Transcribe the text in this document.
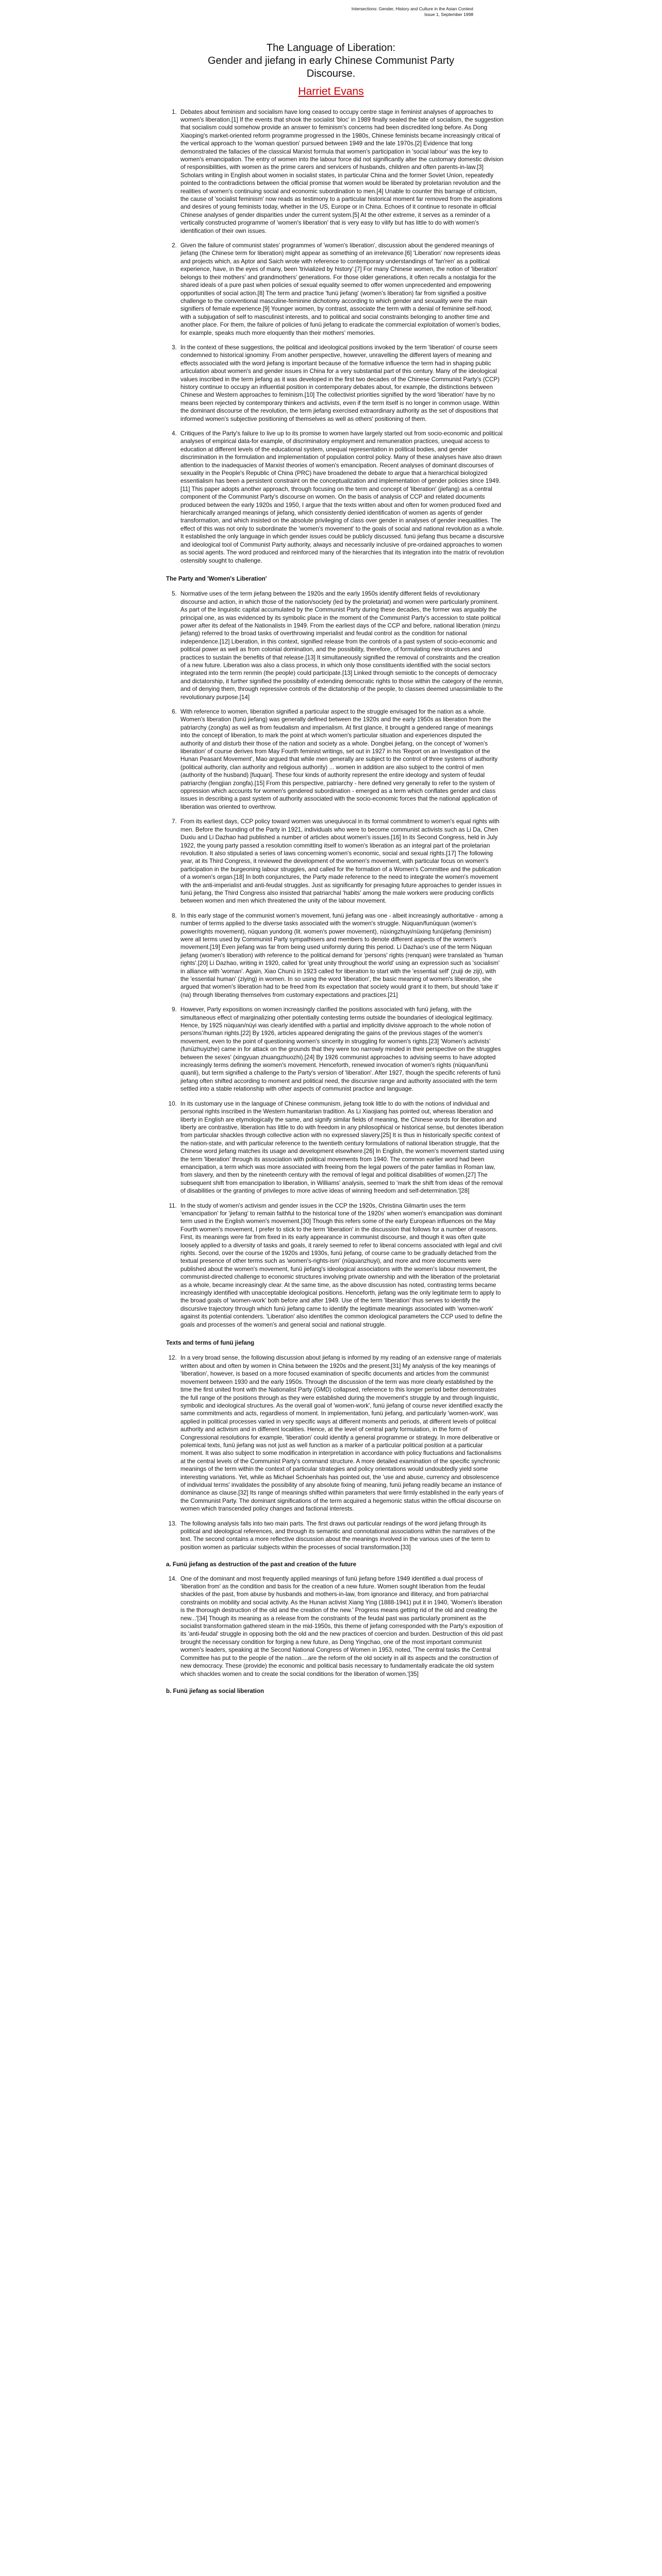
Intersections: Gender, History and Culture in the Asian Context
Issue 1, September 1998
The Language of Liberation:
Gender and jiefang in early Chinese Communist Party
Discourse.
Harriet Evans
1. Debates about feminism and socialism have long ceased to occupy centre stage in feminist analyses of approaches to women's liberation.[1] If the events that shook the socialist 'bloc' in 1989 finally sealed the fate of socialism, the suggestion that socialism could somehow provide an answer to feminism's concerns had been discredited long before. As Dong Xiaoping's market-oriented reform programme progressed in the 1980s, Chinese feminists became increasingly critical of the vertical approach to the 'woman question' pursued between 1949 and the late 1970s.[2] Evidence that long demonstrated the fallacies of the classical Marxist formula that women's participation in 'social labour' was the key to women's emancipation. The entry of women into the labour force did not significantly alter the customary domestic division of responsibilities, with women as the prime carers and servicers of husbands, children and often parents-in-law.[3] Scholars writing in English about women in socialist states, in particular China and the former Soviet Union, repeatedly pointed to the contradictions between the official promise that women would be liberated by proletarian revolution and the realities of women's continuing social and economic subordination to men.[4] Unable to counter this barrage of criticism, the cause of 'socialist feminism' now reads as testimony to a particular historical moment far removed from the aspirations and desires of young feminists today, whether in the US, Europe or in China. Echoes of it continue to resonate in official Chinese analyses of gender disparities under the current system.[5] At the other extreme, it serves as a reminder of a vertically constructed programme of 'women's liberation' that is very easy to vilify but has little to do with women's identification of their own issues.
2. Given the failure of communist states' programmes of 'women's liberation', discussion about the gendered meanings of jiefang (the Chinese term for liberation) might appear as something of an irrelevance.[6] 'Liberation' now represents ideas and projects which, as Aptor and Saich wrote with reference to contemporary understandings of 'fan'ren' as a political experience, have, in the eyes of many, been 'trivialized by history'.[7] For many Chinese women, the notion of 'liberation' belongs to their mothers' and grandmothers' generations. For those older generations, it often recalls a nostalgia for the shared ideals of a pure past when policies of sexual equality seemed to offer women unprecedented and empowering opportunities of social action.[8] The term and practice 'funü jiefang' (women's liberation) far from signified a positive challenge to the conventional masculine-feminine dichotomy according to which gender and sexuality were the main signifiers of female experience.[9] Younger women, by contrast, associate the term with a denial of feminine self-hood, with a subjugation of self to masculinist interests, and to political and social constraints belonging to another time and another place. For them, the failure of policies of funü jiefang to eradicate the commercial exploitation of women's bodies, for example, speaks much more eloquently than their mothers' memories.
3. In the context of these suggestions, the political and ideological positions invoked by the term 'liberation' of course seem condemned to historical ignominy. From another perspective, however, unravelling the different layers of meaning and effects associated with the word jiefang is important because of the formative influence the term had in shaping public articulation about women's and gender issues in China for a very substantial part of this century. Many of the ideological values inscribed in the term jiefang as it was developed in the first two decades of the Chinese Communist Party's (CCP) history continue to occupy an influential position in contemporary debates about, for example, the distinctions between Chinese and Western approaches to feminism.[10] The collectivist priorities signified by the word 'liberation' have by no means been rejected by contemporary thinkers and activists, even if the term itself is no longer in common usage. Within the dominant discourse of the revolution, the term jiefang exercised extraordinary authority as the set of dispositions that informed women's subjective positioning of themselves as well as others' positioning of them.
4. Critiques of the Party's failure to live up to its promise to women have largely started out from socio-economic and political analyses of empirical data-for example, of discriminatory employment and remuneration practices, unequal access to education at different levels of the educational system, unequal representation in political bodies, and gender discrimination in the formulation and implementation of population control policy. Many of these analyses have also drawn attention to the inadequacies of Marxist theories of women's emancipation. Recent analyses of dominant discourses of sexuality in the People's Republic of China (PRC) have broadened the debate to argue that a hierarchical biologized essentialism has been a persistent constraint on the conceptualization and implementation of gender policies since 1949.[11] This paper adopts another approach, through focusing on the term and concept of 'liberation' (jiefang) as a central component of the Communist Party's discourse on women. On the basis of analysis of CCP and related documents produced between the early 1920s and 1950, I argue that the texts written about and often for women produced fixed and hierarchically arranged meanings of jiefang, which consistently denied identification of women as agents of gender transformation, and which insisted on the absolute privileging of class over gender in analyses of gender inequalities. The effect of this was not only to subordinate the 'women's movement' to the goals of social and national revolution as a whole. It established the only language in which gender issues could be publicly discussed. funü jiefang thus became a discursive and ideological tool of Communist Party authority, always and necessarily inclusive of pre-ordained approaches to women as social agents. The word produced and reinforced many of the hierarchies that its integration into the matrix of revolution ostensibly sought to challenge.
The Party and 'Women's Liberation'
5. Normative uses of the term jiefang between the 1920s and the early 1950s identify different fields of revolutionary discourse and action, in which those of the nation/society (led by the proletariat) and women were particularly prominent. As part of the linguistic capital accumulated by the Communist Party during these decades, the former was arguably the principal one, as was evidenced by its symbolic place in the moment of the Communist Party's accession to state political power after its defeat of the Nationalists in 1949. From the earliest days of the CCP and before, national liberation (minzu jiefang) referred to the broad tasks of overthrowing imperialist and feudal control as the condition for national independence.[12] Liberation, in this context, signified release from the controls of a past system of socio-economic and political power as well as from colonial domination, and the possibility, therefore, of formulating new structures and practices to sustain the benefits of that release.[13] It simultaneously signified the removal of constraints and the creation of a new future. Liberation was also a class process, in which only those constituents identified with the social sectors integrated into the term renmin (the people) could participate.[13] Linked through semiotic to the concepts of democracy and dictatorship, it further signified the possibility of extending democratic rights to those within the category of the renmin, and of denying them, through repressive controls of the dictatorship of the people, to classes deemed unassimilable to the revolutionary purpose.[14]
6. With reference to women, liberation signified a particular aspect to the struggle envisaged for the nation as a whole. Women's liberation (funü jiefang) was generally defined between the 1920s and the early 1950s as liberation from the patriarchy (zongfa) as well as from feudalism and imperialism. At first glance, it brought a gendered range of meanings into the concept of liberation, to mark the point at which women's particular situation and experiences disputed the authority of and disturb their those of the nation and society as a whole. Dongbei jiefang, on the concept of 'women's liberation' of course derives from May Fourth feminist writings, set out in 1927 in his 'Report on an Investigation of the Hunan Peasant Movement', Mao argued that while men generally are subject to the control of three systems of authority (political authority, clan authority and religious authority) ... women in addition are also subject to the control of men (authority of the husband) [fuquan]. These four kinds of authority represent the entire ideology and system of feudal patriarchy (fengjian zongfa).[15] From this perspective, patriarchy - here defined very generally to refer to the system of oppression which accounts for women's gendered subordination - emerged as a term which conflates gender and class issues in describing a past system of authority associated with the socio-economic forces that the national application of liberation was oriented to overthrow.
7. From its earliest days, CCP policy toward women was unequivocal in its formal commitment to women's equal rights with men. Before the founding of the Party in 1921, individuals who were to become communist activists such as Li Da, Chen Duxiu and Li Dazhao had published a number of articles about women's issues.[16] In its Second Congress, held in July 1922, the young party passed a resolution committing itself to women's liberation as an integral part of the proletarian revolution. It also stipulated a series of laws concerning women's economic, social and sexual rights.[17] The following year, at its Third Congress, it reviewed the development of the women's movement, with particular focus on women's participation in the burgeoning labour struggles, and called for the formation of a Women's Committee and the publication of a women's organ.[18] In both conjunctures, the Party made reference to the need to integrate the women's movement with the anti-imperialist and anti-feudal struggles. Just as significantly for presaging future approaches to gender issues in funü jiefang, the Third Congress also insisted that patriarchal 'habits' among the male workers were producing conflicts between women and men which threatened the unity of the labour movement.
8. In this early stage of the communist women's movement, funü jiefang was one - albeit increasingly authoritative - among a number of terms applied to the diverse tasks associated with the women's struggle. Nüquan/funüquan (women's power/rights movement), nüquan yundong (lit. women's power movement), nüxingzhuyi/nüxing funüjiefang (feminism) were all terms used by Communist Party sympathisers and members to denote different aspects of the women's movement.[19] Even jiefang was far from being used uniformly during this period. Li Dazhao's use of the term Nüquan jiefang (women's liberation) with reference to the political demand for 'persons' rights (renquan) were translated as 'human rights'.[20] Li Dazhao, writing in 1920, called for 'great unity throughout the world' using an expression such as 'socialism' in alliance with 'woman'. Again, Xiao Chunü in 1923 called for liberation to start with the 'essential self' (zuiji de ziji), with the 'essential human' (ziying) in women. In so using the word 'liberation', the basic meaning of women's liberation, she argued that women's liberation had to be freed from its expectation that society would grant it to them, but should 'take it' (na) through liberating themselves from customary expectations and practices.[21]
9. However, Party expositions on women increasingly clarified the positions associated with funü jiefang, with the simultaneous effect of marginalizing other potentially contesting terms outside the boundaries of ideological legitimacy. Hence, by 1925 nüquan/nüyi was clearly identified with a partial and implicitly divisive approach to the whole notion of persons'/human rights.[22] By 1926, articles appeared denigrating the gains of the previous stages of the women's movement, even to the point of questioning women's sincerity in struggling for women's rights.[23] 'Women's activists' (funüzhuyizhe) came in for attack on the grounds that they were too narrowly minded in their perspective on the struggles between the sexes' (xingyuan zhuangzhuozhi).[24] By 1926 communist approaches to advising seems to have adopted increasingly terms defining the women's movement. Henceforth, renewed invocation of women's rights (nüquan/funü quanli), but term signified a challenge to the Party's version of 'liberation'. After 1927, though the specific referents of funü jiefang often shifted according to moment and political need, the discursive range and authority associated with the term settled into a stable relationship with other aspects of communist practice and language.
10. In its customary use in the language of Chinese communism, jiefang took little to do with the notions of individual and personal rights inscribed in the Western humanitarian tradition. As Li Xiaojiang has pointed out, whereas liberation and liberty in English are etymologically the same, and signify similar fields of meaning, the Chinese words for liberation and liberty are contrastive, liberation has little to do with freedom in any philosophical or historical sense, but denotes liberation from particular shackles through collective action with no expressed slavery.[25] It is thus in historically specific context of the nation-state, and with particular reference to the twentieth century formulations of national liberation struggle, that the Chinese word jiefang matches its usage and development elsewhere.[26] In English, the women's movement started using the term 'liberation' through its association with political movements from 1940. The common earlier word had been emancipation, a term which was more associated with freeing from the legal powers of the pater familias in Roman law, from slavery, and then by the nineteenth century with the removal of legal and political disabilities of women.[27] The subsequent shift from emancipation to liberation, in Williams' analysis, seemed to 'mark the shift from ideas of the removal of disabilities or the granting of privileges to more active ideas of winning freedom and self-determination.'[28]
11. In the study of women's activism and gender issues in the CCP the 1920s, Christina Gilmartin uses the term 'emancipation' for 'jiefang' to remain faithful to the historical tone of the 1920s' when women's emancipation was dominant term used in the English women's movement.[30] Though this refers some of the early European influences on the May Fourth women's movement, I prefer to stick to the term 'liberation' in the discussion that follows for a number of reasons. First, its meanings were far from fixed in its early appearance in communist discourse, and though it was often quite loosely applied to a diversity of tasks and goals, it rarely seemed to refer to liberal concerns associated with legal and civil rights. Second, over the course of the 1920s and 1930s, funü jiefang, of course came to be gradually detached from the textual presence of other terms such as 'women's-rights-ism' (nüquanzhuyi), and more and more documents were published about the women's movement, funü jiefang's ideological associations with the women's labour movement, the communist-directed challenge to economic structures involving private ownership and with the liberation of the proletariat as a whole, became increasingly clear. At the same time, as the above discussion has noted, contrasting terms became increasingly identified with unacceptable ideological positions. Henceforth, jiefang was the only legitimate term to apply to the broad goals of 'women-work' both before and after 1949. Use of the term 'liberation' thus serves to identify the discursive trajectory through which funü jiefang came to identify the legitimate meanings associated with 'women-work' against its potential contenders. 'Liberation' also identifies the common ideological parameters the CCP used to define the goals and processes of the women's and general social and national struggle.
Texts and terms of funü jiefang
12. In a very broad sense, the following discussion about jiefang is informed by my reading of an extensive range of materials written about and often by women in China between the 1920s and the present.[31] My analysis of the key meanings of 'liberation', however, is based on a more focused examination of specific documents and articles from the communist movement between 1930 and the early 1950s. Through the discussion of the term was more clearly established by the time the first united front with the Nationalist Party (GMD) collapsed, reference to this longer period better demonstrates the full range of the positions through as they were established during the movement's struggle by and through linguistic, symbolic and ideological structures. As the overall goal of 'women-work', funü jiefang of course never identified exactly the same commitments and acts, regardless of moment. In implementation, funü jiefang, and particularly 'women-work', was applied in political processes varied in very specific ways at different moments and periods, at different levels of political authority and activism and in different localities. Hence, at the level of central party formulation, in the form of Congressional resolutions for example, 'liberation' could identify a general programme or strategy. In more deliberative or polemical texts, funü jiefang was not just as well function as a marker of a particular political position at a particular moment. It was also subject to some modification in interpretation in accordance with policy fluctuations and factionalisms at the central levels of the Communist Party's command structure. A more detailed examination of the specific synchronic meanings of the term within the context of particular strategies and policy orientations would undoubtedly yield some interesting variations. Yet, while as Michael Schoenhals has pointed out, the 'use and abuse, currency and obsolescence of individual terms' invalidates the possibility of any absolute fixing of meaning, funü jiefang readily became an instance of dominance as clause.[32] Its range of meanings shifted within parameters that were firmly established in the early years of the Communist Party. The dominant significations of the term acquired a hegemonic status within the official discourse on women which transcended policy changes and factional interests.
13. The following analysis falls into two main parts. The first draws out particular readings of the word jiefang through its political and ideological references, and through its semantic and connotational associations within the narratives of the text. The second contains a more reflective discussion about the meanings involved in the various uses of the term to position women as particular subjects within the processes of social transformation.[33]
a. Funü jiefang as destruction of the past and creation of the future
14. One of the dominant and most frequently applied meanings of funü jiefang before 1949 identified a dual process of 'liberation from' as the condition and basis for the creation of a new future. Women sought liberation from the feudal shackles of the past, from abuse by husbands and mothers-in-law, from ignorance and illiteracy, and from patriarchal constraints on mobility and social activity. As the Hunan activist Xiang Ying (1888-1941) put it in 1940, 'Women's liberation is the thorough destruction of the old and the creation of the new.' Progress means getting rid of the old and creating the new...'[34] Though its meaning as a release from the constraints of the feudal past was particularly prominent as the socialist transformation gathered steam in the mid-1950s, this theme of jiefang corresponded with the Party's exposition of its 'anti-feudal' struggle in opposing both the old and the new practices of coercion and burden. Destruction of this old past brought the necessary condition for forging a new future, as Deng Yingchao, one of the most important communist women's leaders, speaking at the Second National Congress of Women in 1953, noted, 'The central tasks the Central Committee has put to the people of the nation....are the reform of the old society in all its aspects and the construction of new democracy. These (provide) the economic and political basis necessary to fundamentally eradicate the old system which shackles women and to create the social conditions for the liberation of women.'[35]
b. Funü jiefang as social liberation
